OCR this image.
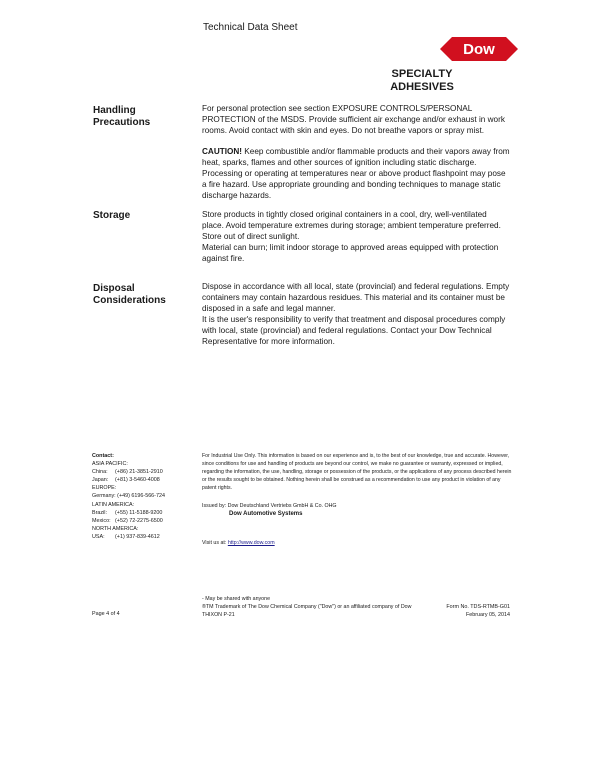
Technical Data Sheet
Dow
SPECIALTY
ADHESIVES
Handling
Precautions

For personal protection see section EXPOSURE CONTROLS/PERSONAL PROTECTION of the MSDS. Provide sufficient air exchange and/or exhaust in work rooms. Avoid contact with skin and eyes. Do not breathe vapors or spray mist.

CAUTION! Keep combustible and/or flammable products and their vapors away from heat, sparks, flames and other sources of ignition including static discharge. Processing or operating at temperatures near or above product flashpoint may pose a fire hazard. Use appropriate grounding and bonding techniques to manage static discharge hazards.

Storage	Store products in tightly closed original containers in a cool, dry, well-ventilated place. Avoid temperature extremes during storage; ambient temperature preferred. Store out of direct sunlight.

Material can burn; limit indoor storage to approved areas equipped with protection against fire.

Disposal
Considerations

Dispose in accordance with all local, state (provincial) and federal regulations. Empty containers may contain hazardous residues. This material and its container must be disposed in a safe and legal manner.

It is the user's responsibility to verify that treatment and disposal procedures comply with local, state (provincial) and federal regulations. Contact your Dow Technical Representative for more information.

Contact:
ASIA PACIFIC:
China: (+86) 21-3851-2910
Japan: (+81) 3-5460-4008
EUROPE:
Germany: (+49) 6196-566-724
LATIN AMERICA:
Brazil: (+55) 11-5188-9200
Mexico: (+52) 72-2275-6500
NORTH AMERICA:
USA: (+1) 937-839-4612
For Industrial Use Only. This information is based on our experience and is, to the best of our knowledge, true and accurate. However, since conditions for use and handling of products are beyond our control, we make no guarantee or warranty, expressed or implied, regarding the information, the use, handling, storage or possession of the products, or the applications of any process described herein or the results sought to be obtained. Nothing herein shall be construed as a recommendation to use any product in violation of any patent rights.
Issued by: Dow Deutschland Vertriebs GmbH & Co. OHG
Dow Automotive Systems
Visit us at: http://www.dow.com
- May be shared with anyone
®TM Trademark of The Dow Chemical Company ("Dow") or an affiliated company of Dow
THIXON P-21
Page 4 of 4
Form No. TDS-RTMB-G01
February 05, 2014
